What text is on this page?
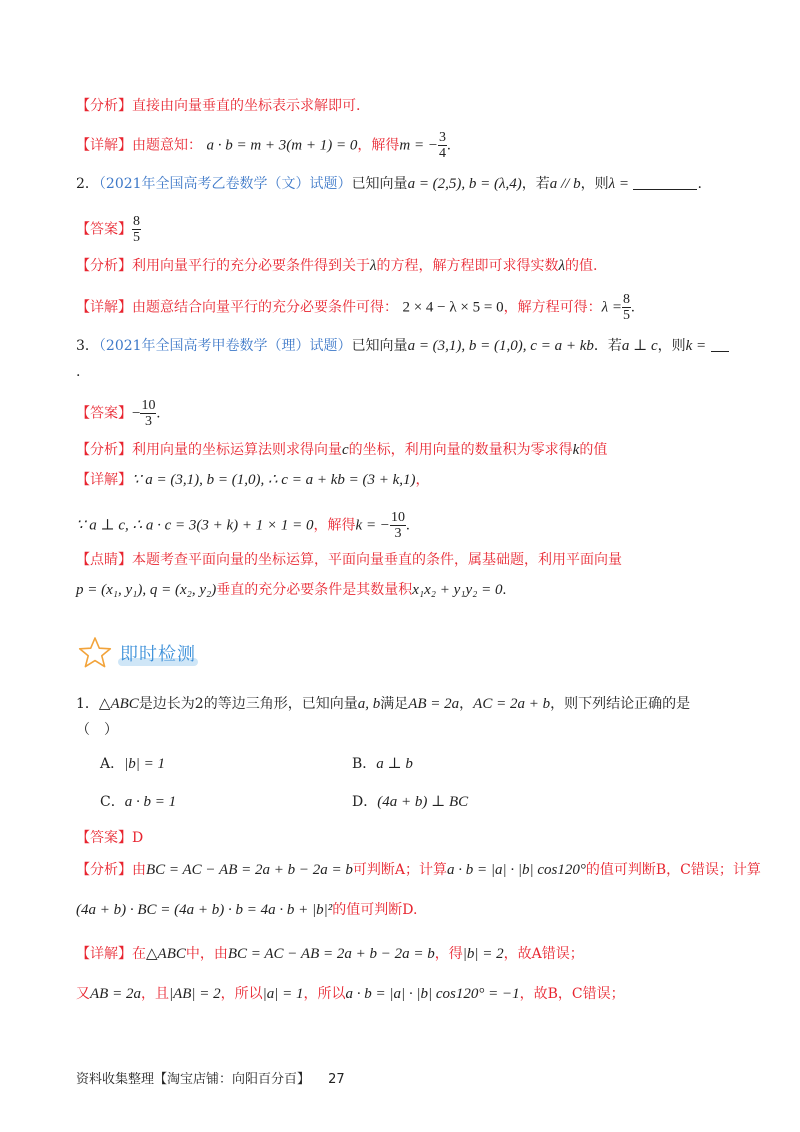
【分析】直接由向量垂直的坐标表示求解即可.
【详解】由题意知： a · b = m + 3(m + 1) = 0，解得m = − $\frac{3}{4}$ .
2．（2021年全国高考乙卷数学（文）试题）已知向量a = (2,5), b = (λ,4)，若a // b，则λ =	.
【答案】 $\frac{8}{5}$
【分析】利用向量平行的充分必要条件得到关于λ的方程，解方程即可求得实数λ的值.
【详解】由题意结合向量平行的充分必要条件可得： 2 × 4 − λ × 5 = 0，解方程可得：$\lambda = \frac{8}{5}$ .
3．（2021年全国高考甲卷数学（理）试题）已知向量a = (3,1), b = (1,0), c = a + kb．若a ⊥ c，则k =
.
【答案】− $\frac{10}{3}$ .
【分析】利用向量的坐标运算法则求得向量c的坐标，利用向量的数量积为零求得k的值
【详解】∵ a = (3,1), b = (1,0), ∴ c = a + kb = (3 + k,1)，
∵ a ⊥ c, ∴ a · c = 3(3 + k) + 1 × 1 = 0，解得k = − $\frac{10}{3}$ .
【点睛】本题考查平面向量的坐标运算，平面向量垂直的条件，属基础题，利用平面向量
p = (x₁, y₁), q = (x₂, y₂)垂直的充分必要条件是其数量积x₁x₂ + y₁y₂ = 0.
即时检测
1．△ABC是边长为2的等边三角形，已知向量a, b满足AB = 2a，AC = 2a + b，则下列结论正确的是
（　）
A．|b| = 1	B．a ⊥ b
C．a · b = 1	D．(4a + b) ⊥ BC
【答案】D
【分析】由BC = AC − AB = 2a + b − 2a = b可判断A；计算a · b = |a| · |b| cos120°的值可判断B，C错误；计算
(4a + b) · BC = (4a + b) · b = 4a · b + |b|²的值可判断D.
【详解】在△ABC中，由BC = AC − AB = 2a + b − 2a = b，得|b| = 2，故A错误；
又AB = 2a，且|AB| = 2，所以|a| = 1，所以a · b = |a| · |b| cos120° = −1，故B，C错误；
资料收集整理【淘宝店铺：向阳百分百】 27
